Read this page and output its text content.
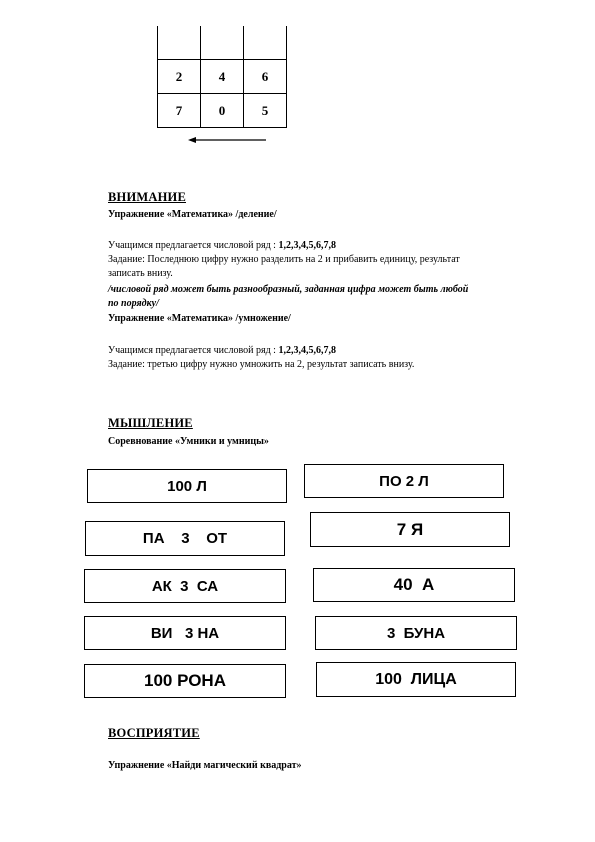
2	4	6
7	0	5
ВНИМАНИЕ
Упражнение «Математика» /деление/
Учащимся предлагается числовой ряд : 1,2,3,4,5,6,7,8
Задание: Последнюю цифру нужно разделить на 2 и прибавить единицу, результат
записать внизу.
/числовой ряд может быть разнообразный, заданная цифра может быть любой
по порядку/
Упражнение «Математика» /умножение/
Учащимся предлагается числовой ряд : 1,2,3,4,5,6,7,8
Задание: третью цифру нужно умножить на 2, результат записать внизу.
МЫШЛЕНИЕ
Соревнование «Умники и умницы»
100 Л
ПА    3    ОТ
АК  3  СА
ВИ   3 НА
100 РОНА
ПО 2 Л
7 Я
40  А
3  БУНА
100  ЛИЦА
ВОСПРИЯТИЕ
Упражнение «Найди магический квадрат»
